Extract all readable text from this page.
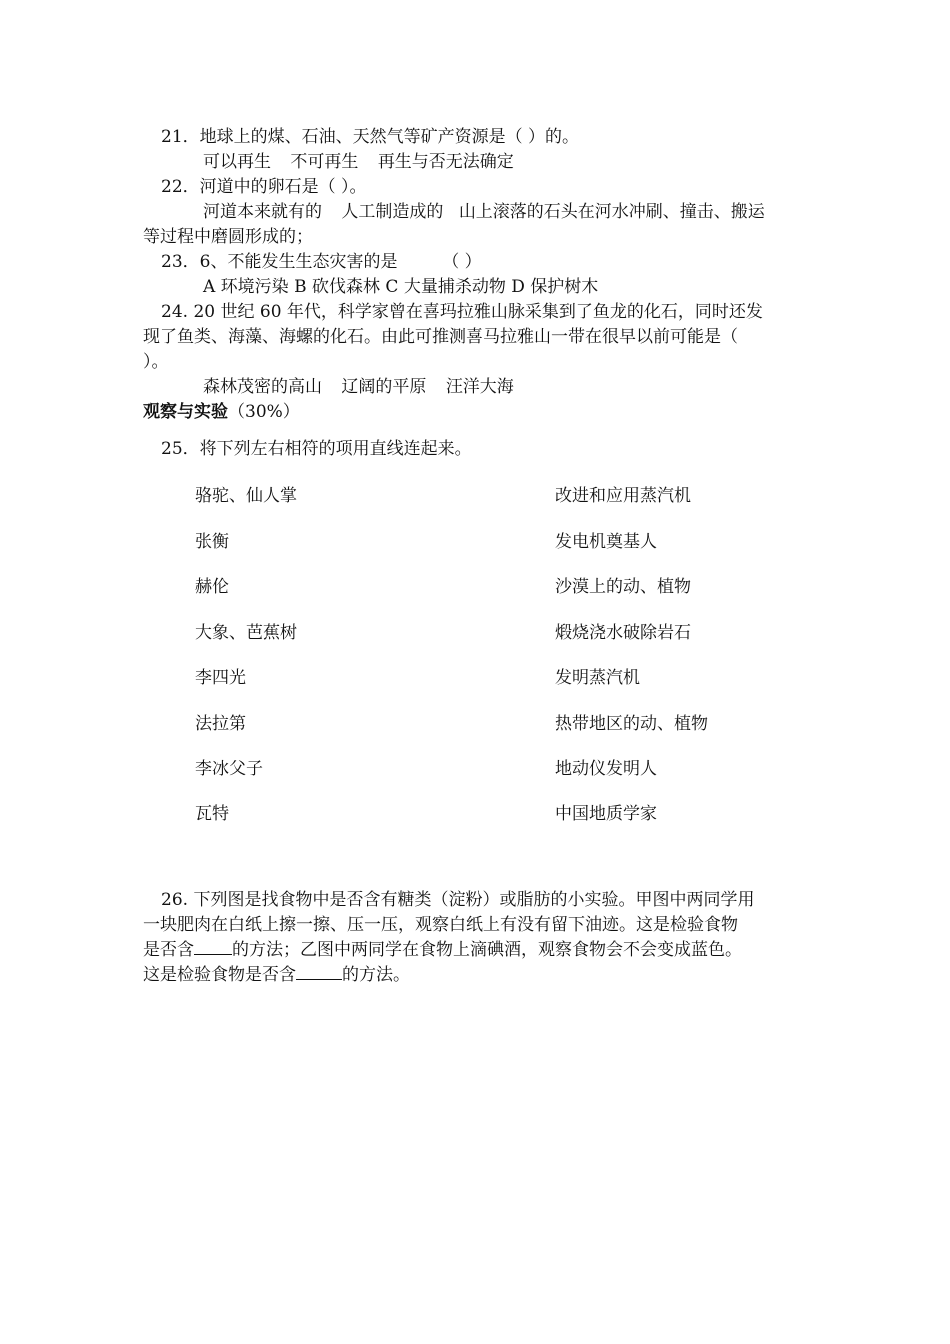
21．地球上的煤、石油、天然气等矿产资源是（ ）的。
可以再生 不可再生 再生与否无法确定
22．河道中的卵石是（ ）。
河道本来就有的 人工制造成的 山上滚落的石头在河水冲刷、撞击、搬运
等过程中磨圆形成的；
23．6、不能发生生态灾害的是	（ ）
A 环境污染 B 砍伐森林 C 大量捕杀动物 D 保护树木
24. 20 世纪 60 年代，科学家曾在喜玛拉雅山脉采集到了鱼龙的化石，同时还发
现了鱼类、海藻、海螺的化石。由此可推测喜马拉雅山一带在很早以前可能是（
）。
森林茂密的高山 辽阔的平原 汪洋大海
观察与实验（30%）
25．将下列左右相符的项用直线连起来。
骆驼、仙人掌
张衡
赫伦
大象、芭蕉树
李四光
法拉第
李冰父子
瓦特
改进和应用蒸汽机
发电机奠基人
沙漠上的动、植物
煅烧浇水破除岩石
发明蒸汽机
热带地区的动、植物
地动仪发明人
中国地质学家
26. 下列图是找食物中是否含有糖类（淀粉）或脂肪的小实验。甲图中两同学用
一块肥肉在白纸上擦一擦、压一压，观察白纸上有没有留下油迹。这是检验食物
是否含 的方法；乙图中两同学在食物上滴碘酒，观察食物会不会变成蓝色。
这是检验食物是否含	的方法。
